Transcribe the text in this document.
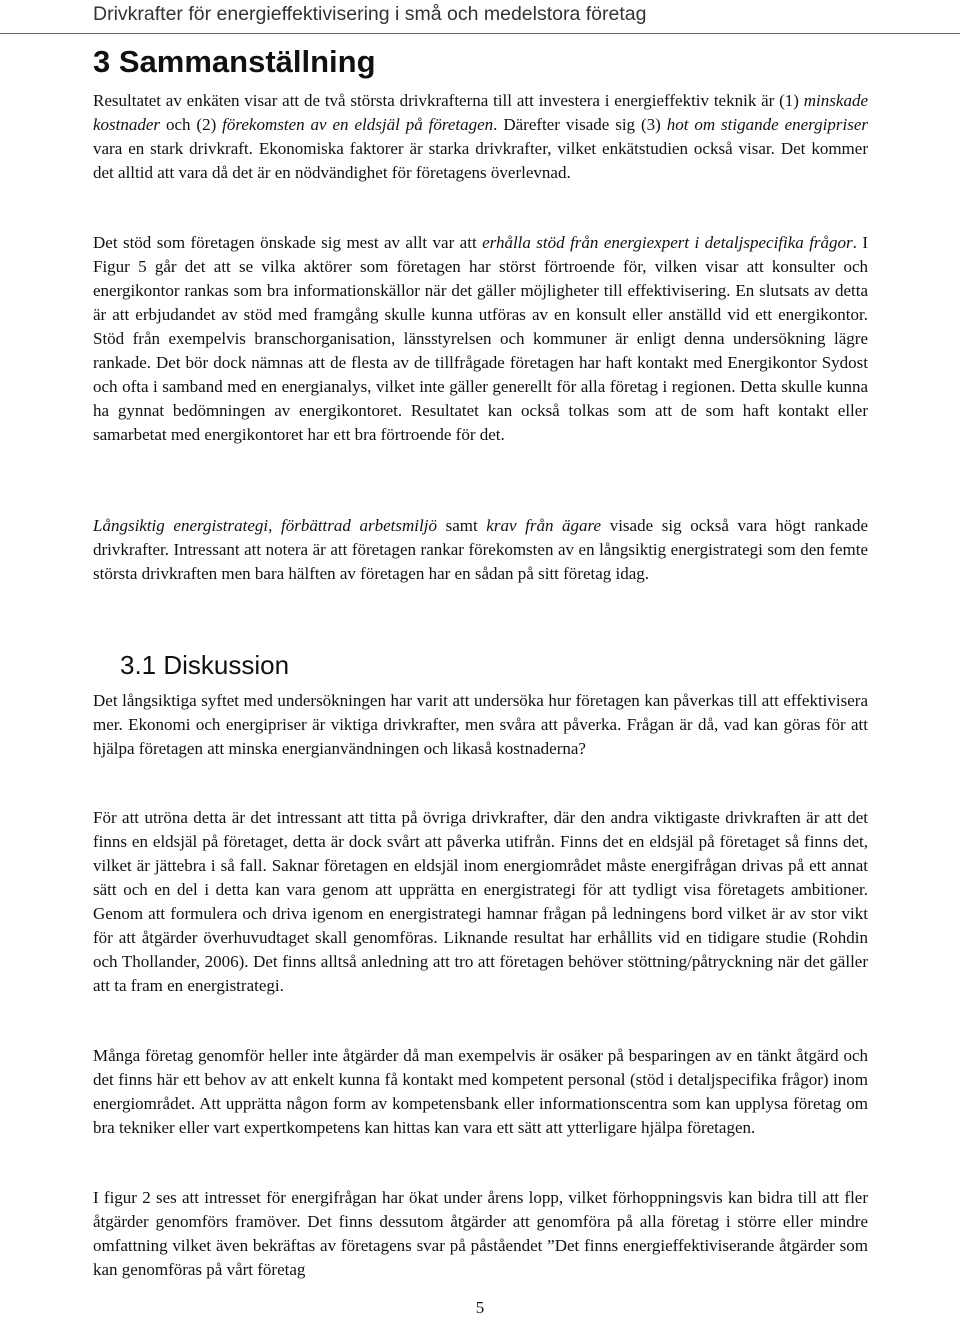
Drivkrafter för energieffektivisering i små och medelstora företag
3 Sammanställning

Resultatet av enkäten visar att de två största drivkrafterna till att investera i energieffektiv teknik är (1) minskade kostnader och (2) förekomsten av en eldsjäl på företagen. Därefter visade sig (3) hot om stigande energipriser vara en stark drivkraft. Ekonomiska faktorer är starka drivkrafter, vilket enkätstudien också visar. Det kommer det alltid att vara då det är en nödvändighet för företagens överlevnad.

Det stöd som företagen önskade sig mest av allt var att erhålla stöd från energiexpert i detaljspecifika frågor. I Figur 5 går det att se vilka aktörer som företagen har störst förtroende för, vilken visar att konsulter och energikontor rankas som bra informationskällor när det gäller möjligheter till effektivisering. En slutsats av detta är att erbjudandet av stöd med framgång skulle kunna utföras av en konsult eller anställd vid ett energikontor. Stöd från exempelvis branschorganisation, länsstyrelsen och kommuner är enligt denna undersökning lägre rankade. Det bör dock nämnas att de flesta av de tillfrågade företagen har haft kontakt med Energikontor Sydost och ofta i samband med en energianalys, vilket inte gäller generellt för alla företag i regionen. Detta skulle kunna ha gynnat bedömningen av energikontoret. Resultatet kan också tolkas som att de som haft kontakt eller samarbetat med energikontoret har ett bra förtroende för det.

Långsiktig energistrategi, förbättrad arbetsmiljö samt krav från ägare visade sig också vara högt rankade drivkrafter. Intressant att notera är att företagen rankar förekomsten av en långsiktig energistrategi som den femte största drivkraften men bara hälften av företagen har en sådan på sitt företag idag.

3.1 Diskussion

Det långsiktiga syftet med undersökningen har varit att undersöka hur företagen kan påverkas till att effektivisera mer. Ekonomi och energipriser är viktiga drivkrafter, men svåra att påverka. Frågan är då, vad kan göras för att hjälpa företagen att minska energianvändningen och likaså kostnaderna?

För att utröna detta är det intressant att titta på övriga drivkrafter, där den andra viktigaste drivkraften är att det finns en eldsjäl på företaget, detta är dock svårt att påverka utifrån. Finns det en eldsjäl på företaget så finns det, vilket är jättebra i så fall. Saknar företagen en eldsjäl inom energiområdet måste energifrågan drivas på ett annat sätt och en del i detta kan vara genom att upprätta en energistrategi för att tydligt visa företagets ambitioner. Genom att formulera och driva igenom en energistrategi hamnar frågan på ledningens bord vilket är av stor vikt för att åtgärder överhuvudtaget skall genomföras. Liknande resultat har erhållits vid en tidigare studie (Rohdin och Thollander, 2006). Det finns alltså anledning att tro att företagen behöver stöttning/påtryckning när det gäller att ta fram en energistrategi.

Många företag genomför heller inte åtgärder då man exempelvis är osäker på besparingen av en tänkt åtgärd och det finns här ett behov av att enkelt kunna få kontakt med kompetent personal (stöd i detaljspecifika frågor) inom energiområdet. Att upprätta någon form av kompetensbank eller informationscentra som kan upplysa företag om bra tekniker eller vart expertkompetens kan hittas kan vara ett sätt att ytterligare hjälpa företagen.

I figur 2 ses att intresset för energifrågan har ökat under årens lopp, vilket förhoppningsvis kan bidra till att fler åtgärder genomförs framöver. Det finns dessutom åtgärder att genomföra på alla företag i större eller mindre omfattning vilket även bekräftas av företagens svar på påståendet ”Det finns energieffektiviserande åtgärder som kan genomföras på vårt företag

5
